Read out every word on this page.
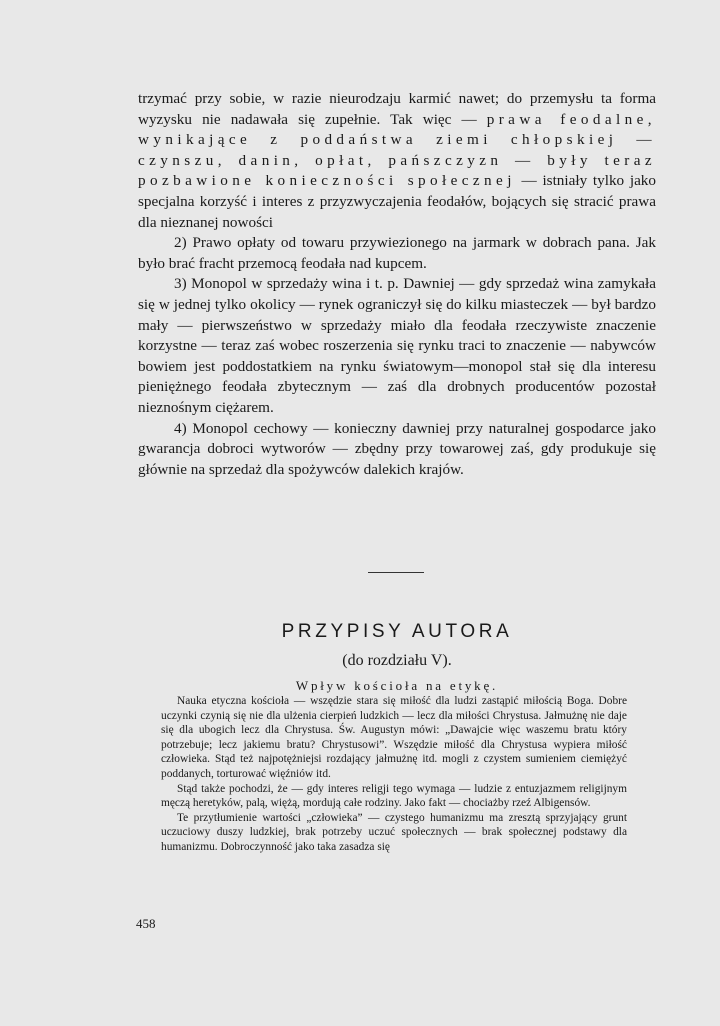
trzymać przy sobie, w razie nieurodzaju karmić nawet; do przemysłu ta forma wyzysku nie nadawała się zupełnie. Tak więc — prawa feodalne, wynikające z poddaństwa ziemi chłopskiej — czynszu, danin, opłat, pańszczyzn — były teraz pozbawione konieczności społecznej — istniały tylko jako specjalna korzyść i interes z przyzwyczajenia feodałów, bojących się stracić prawa dla nieznanej nowości

2) Prawo opłaty od towaru przywiezionego na jarmark w dobrach pana. Jak było brać fracht przemocą feodała nad kupcem.

3) Monopol w sprzedaży wina i t. p. Dawniej — gdy sprzedaż wina zamykała się w jednej tylko okolicy — rynek ograniczył się do kilku miasteczek — był bardzo mały — pierwszeństwo w sprzedaży miało dla feodała rzeczywiste znaczenie korzystne — teraz zaś wobec roszerzenia się rynku traci to znaczenie — nabywców bowiem jest poddostatkiem na rynku światowym—monopol stał się dla interesu pieniężnego feodała zbytecznym — zaś dla drobnych producentów pozostał nieznośnym ciężarem.

4) Monopol cechowy — konieczny dawniej przy naturalnej gospodarce jako gwarancja dobroci wytworów — zbędny przy towarowej zaś, gdy produkuje się głównie na sprzedaż dla spożywców dalekich krajów.

PRZYPISY AUTORA
(do rozdziału V).
Wpływ kościoła na etykę.

Nauka etyczna kościoła — wszędzie stara się miłość dla ludzi zastąpić miłością Boga. Dobre uczynki czynią się nie dla ulżenia cierpień ludzkich — lecz dla miłości Chrystusa. Jałmużnę nie daje się dla ubogich lecz dla Chrystusa. Św. Augustyn mówi: „Dawajcie więc waszemu bratu który potrzebuje; lecz jakiemu bratu? Chrystusowi”. Wszędzie miłość dla Chrystusa wypiera miłość człowieka. Stąd też najpotężniejsi rozdający jałmużnę itd. mogli z czystem sumieniem ciemiężyć poddanych, torturować więźniów itd.

Stąd także pochodzi, że — gdy interes religji tego wymaga — ludzie z entuzjazmem religijnym męczą heretyków, palą, więżą, mordują całe rodziny. Jako fakt — chociażby rzeź Albigensów.

Te przytłumienie wartości „człowieka” — czystego humanizmu ma zresztą sprzyjający grunt uczuciowy duszy ludzkiej, brak potrzeby uczuć społecznych — brak społecznej podstawy dla humanizmu. Dobroczynność jako taka zasadza się

458
